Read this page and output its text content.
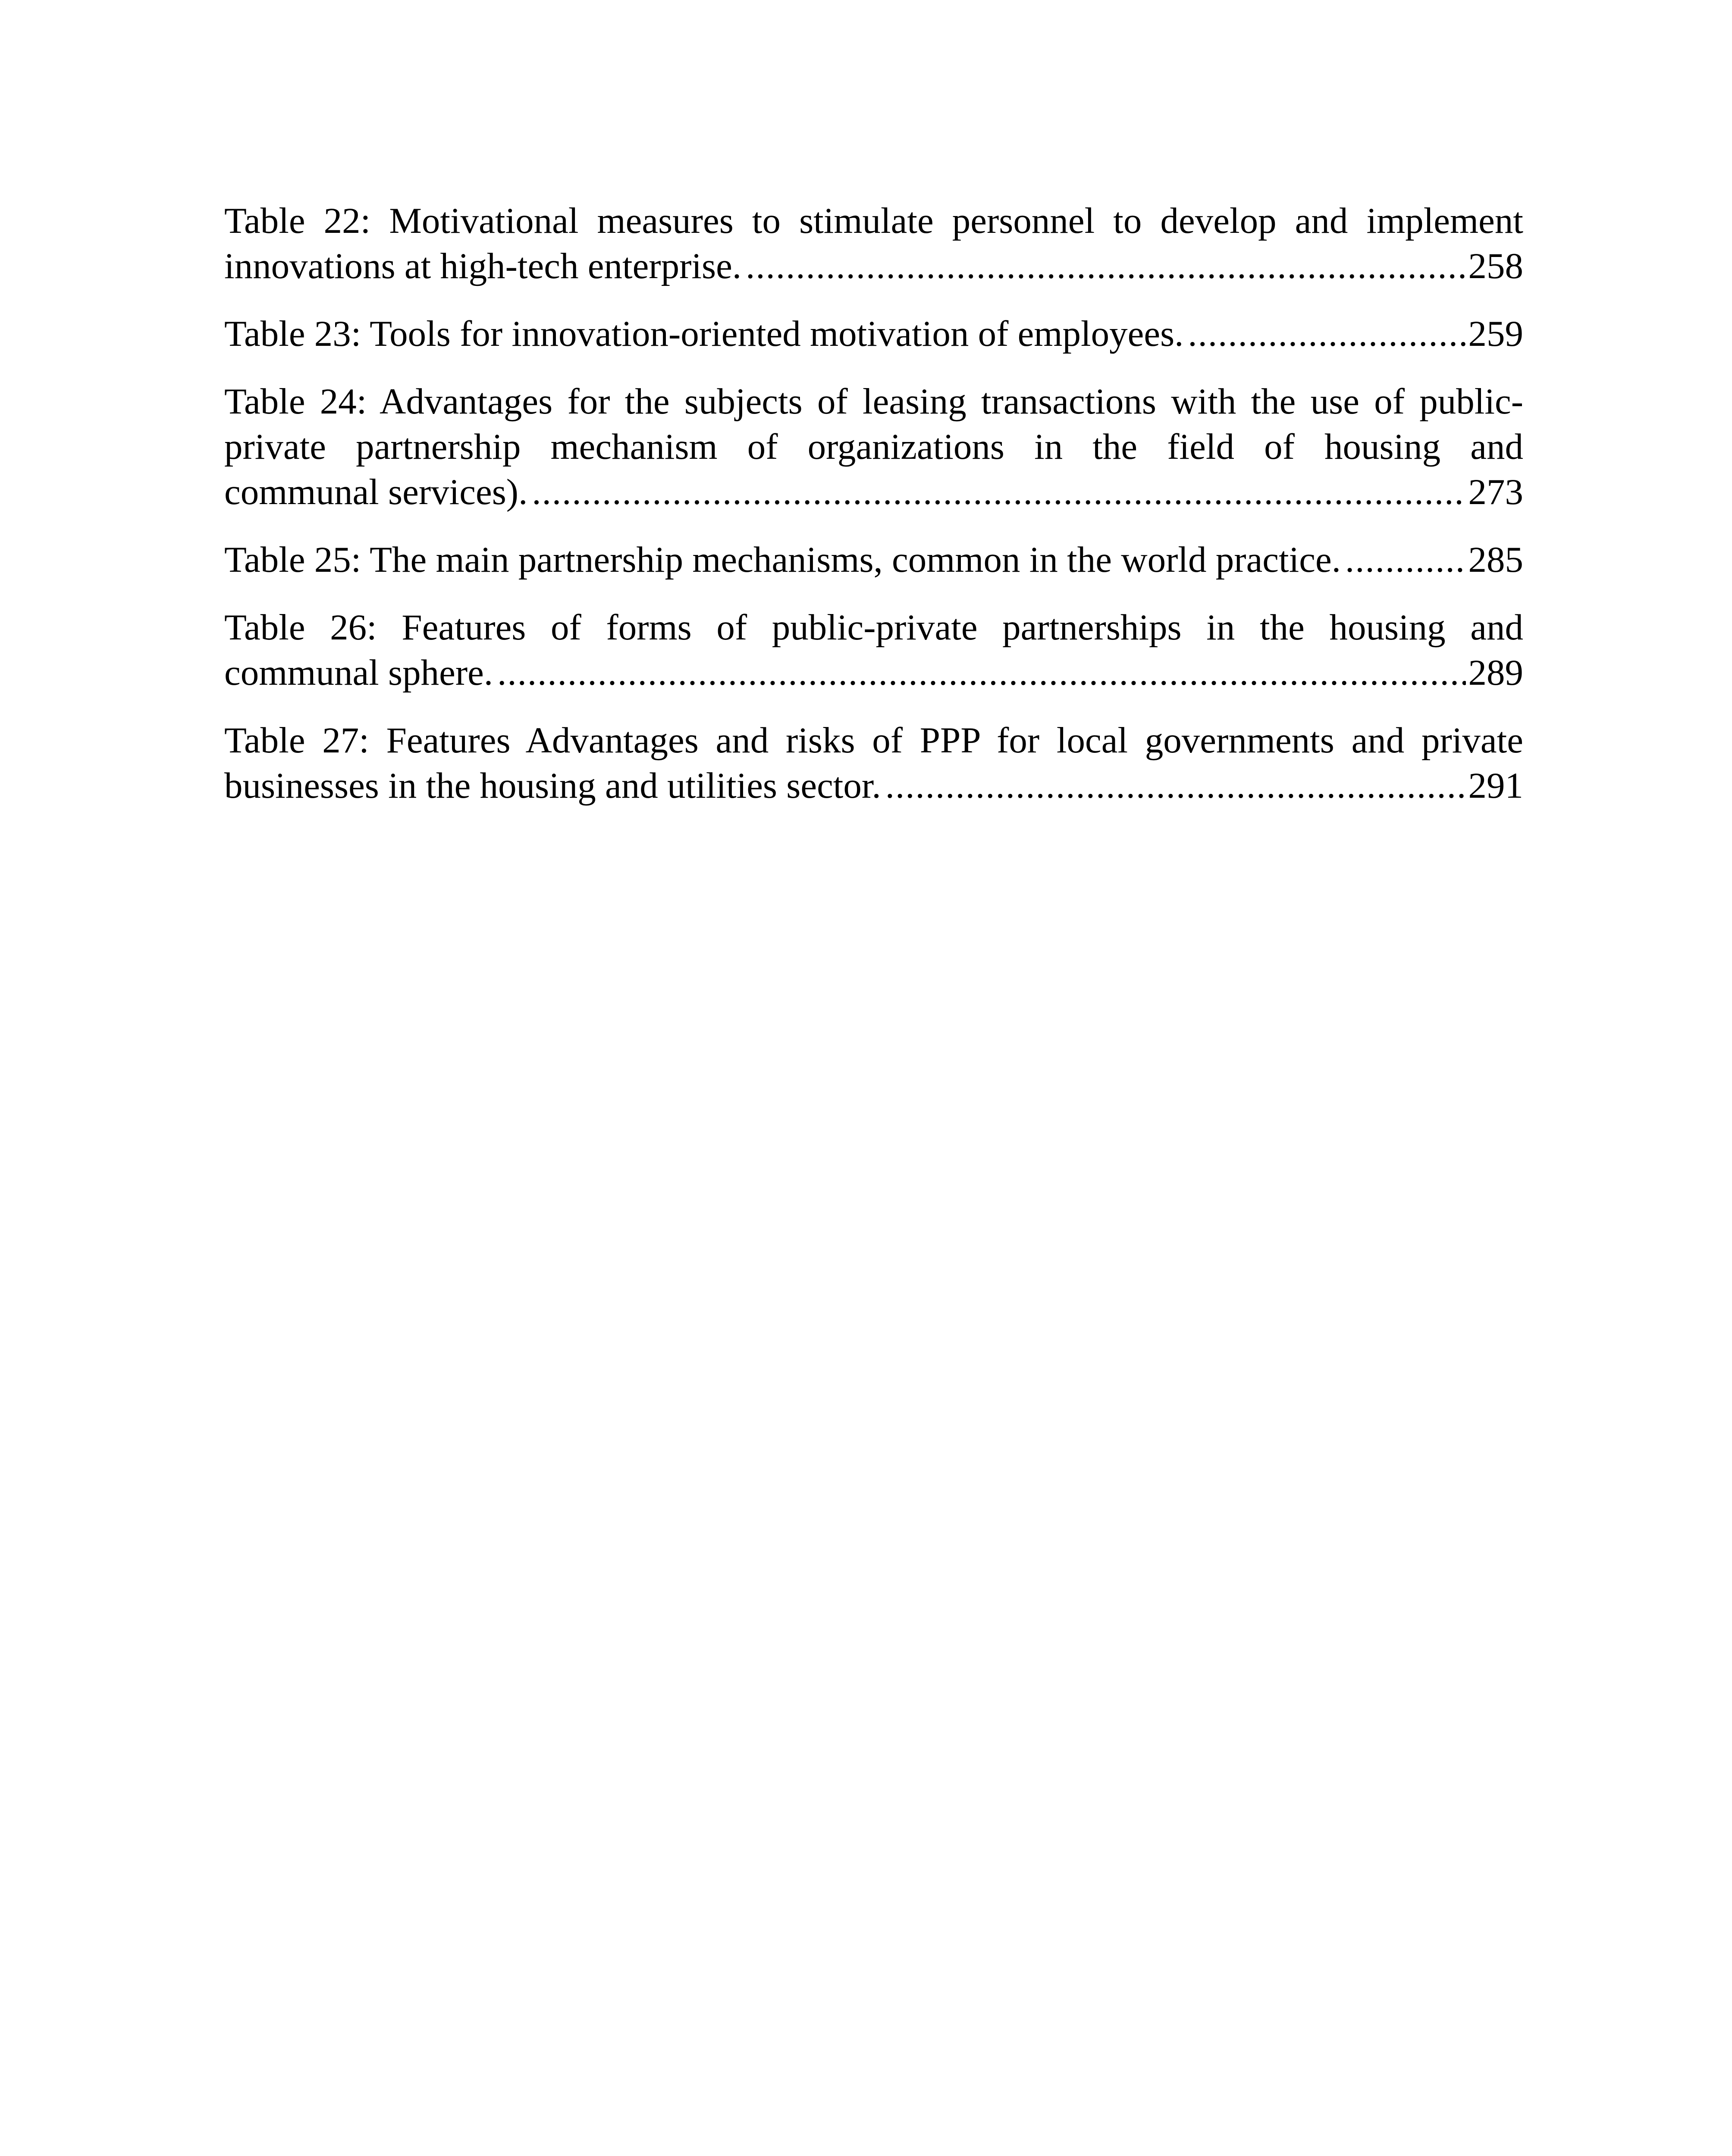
Table 22: Motivational measures to stimulate personnel to develop and implement
innovations at high-tech enterprise. .....	258
Table 23: Tools for innovation-oriented motivation of employees. .....	259
Table 24: Advantages for the subjects of leasing transactions with the use of public-
private partnership mechanism of organizations in the field of housing and
communal services). .....	273
Table 25: The main partnership mechanisms, common in the world practice. .....	285
Table 26: Features of forms of public-private partnerships in the housing and
communal sphere. .....	289
Table 27: Features Advantages and risks of PPP for local governments and private
businesses in the housing and utilities sector. .....	291
